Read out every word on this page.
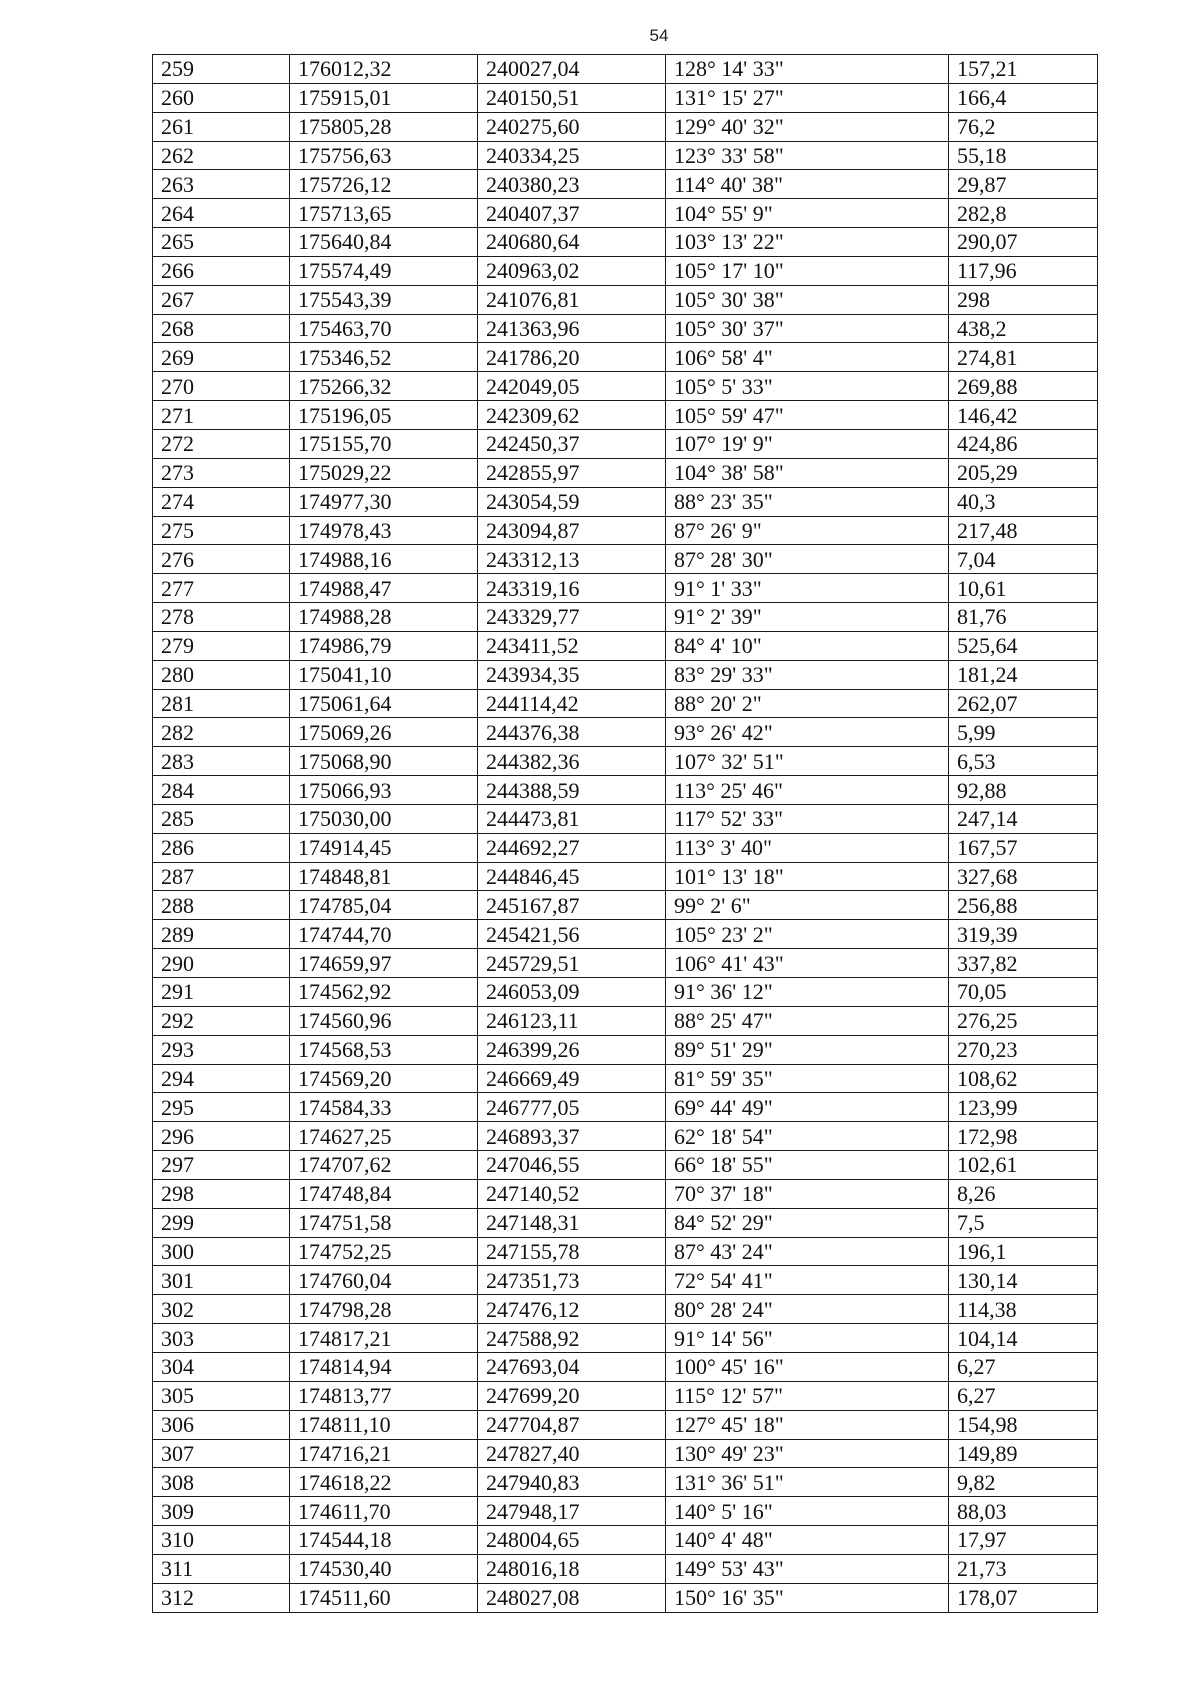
54
259	176012,32	240027,04	128° 14' 33"	157,21
260	175915,01	240150,51	131° 15' 27"	166,4
261	175805,28	240275,60	129° 40' 32"	76,2
262	175756,63	240334,25	123° 33' 58"	55,18
263	175726,12	240380,23	114° 40' 38"	29,87
264	175713,65	240407,37	104° 55' 9"	282,8
265	175640,84	240680,64	103° 13' 22"	290,07
266	175574,49	240963,02	105° 17' 10"	117,96
267	175543,39	241076,81	105° 30' 38"	298
268	175463,70	241363,96	105° 30' 37"	438,2
269	175346,52	241786,20	106° 58' 4"	274,81
270	175266,32	242049,05	105° 5' 33"	269,88
271	175196,05	242309,62	105° 59' 47"	146,42
272	175155,70	242450,37	107° 19' 9"	424,86
273	175029,22	242855,97	104° 38' 58"	205,29
274	174977,30	243054,59	88° 23' 35"	40,3
275	174978,43	243094,87	87° 26' 9"	217,48
276	174988,16	243312,13	87° 28' 30"	7,04
277	174988,47	243319,16	91° 1' 33"	10,61
278	174988,28	243329,77	91° 2' 39"	81,76
279	174986,79	243411,52	84° 4' 10"	525,64
280	175041,10	243934,35	83° 29' 33"	181,24
281	175061,64	244114,42	88° 20' 2"	262,07
282	175069,26	244376,38	93° 26' 42"	5,99
283	175068,90	244382,36	107° 32' 51"	6,53
284	175066,93	244388,59	113° 25' 46"	92,88
285	175030,00	244473,81	117° 52' 33"	247,14
286	174914,45	244692,27	113° 3' 40"	167,57
287	174848,81	244846,45	101° 13' 18"	327,68
288	174785,04	245167,87	99° 2' 6"	256,88
289	174744,70	245421,56	105° 23' 2"	319,39
290	174659,97	245729,51	106° 41' 43"	337,82
291	174562,92	246053,09	91° 36' 12"	70,05
292	174560,96	246123,11	88° 25' 47"	276,25
293	174568,53	246399,26	89° 51' 29"	270,23
294	174569,20	246669,49	81° 59' 35"	108,62
295	174584,33	246777,05	69° 44' 49"	123,99
296	174627,25	246893,37	62° 18' 54"	172,98
297	174707,62	247046,55	66° 18' 55"	102,61
298	174748,84	247140,52	70° 37' 18"	8,26
299	174751,58	247148,31	84° 52' 29"	7,5
300	174752,25	247155,78	87° 43' 24"	196,1
301	174760,04	247351,73	72° 54' 41"	130,14
302	174798,28	247476,12	80° 28' 24"	114,38
303	174817,21	247588,92	91° 14' 56"	104,14
304	174814,94	247693,04	100° 45' 16"	6,27
305	174813,77	247699,20	115° 12' 57"	6,27
306	174811,10	247704,87	127° 45' 18"	154,98
307	174716,21	247827,40	130° 49' 23"	149,89
308	174618,22	247940,83	131° 36' 51"	9,82
309	174611,70	247948,17	140° 5' 16"	88,03
310	174544,18	248004,65	140° 4' 48"	17,97
311	174530,40	248016,18	149° 53' 43"	21,73
312	174511,60	248027,08	150° 16' 35"	178,07
